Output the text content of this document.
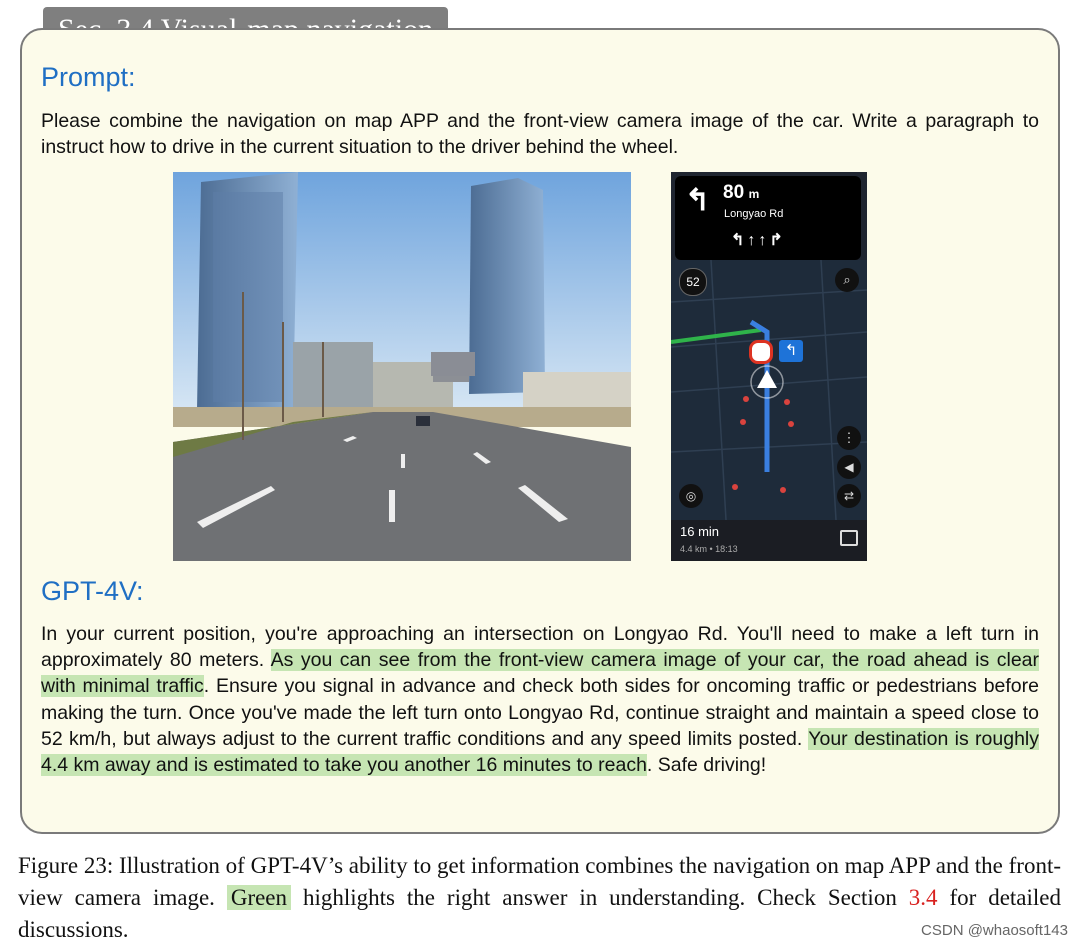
Prompt:
Please combine the navigation on map APP and the front-view camera image of the car. Write a paragraph to instruct how to drive in the current situation to the driver behind the wheel.
↰ 80 m
Longyao Rd
↰↑↑↱
52	⌕
↰
⋮
◀
⇄
◎
16 min
4.4 km • 18:13
GPT-4V:
In your current position, you're approaching an intersection on Longyao Rd. You'll need to make a left turn in approximately 80 meters. As you can see from the front-view camera image of your car, the road ahead is clear with minimal traffic. Ensure you signal in advance and check both sides for oncoming traffic or pedestrians before making the turn. Once you've made the left turn onto Longyao Rd, continue straight and maintain a speed close to 52 km/h, but always adjust to the current traffic conditions and any speed limits posted. Your destination is roughly 4.4 km away and is estimated to take you another 16 minutes to reach. Safe driving!
Figure 23: Illustration of GPT-4V’s ability to get information combines the navigation on map APP and the front-view camera image. Green highlights the right answer in understanding. Check Section 3.4 for detailed discussions.	CSDN @whaosoft143
